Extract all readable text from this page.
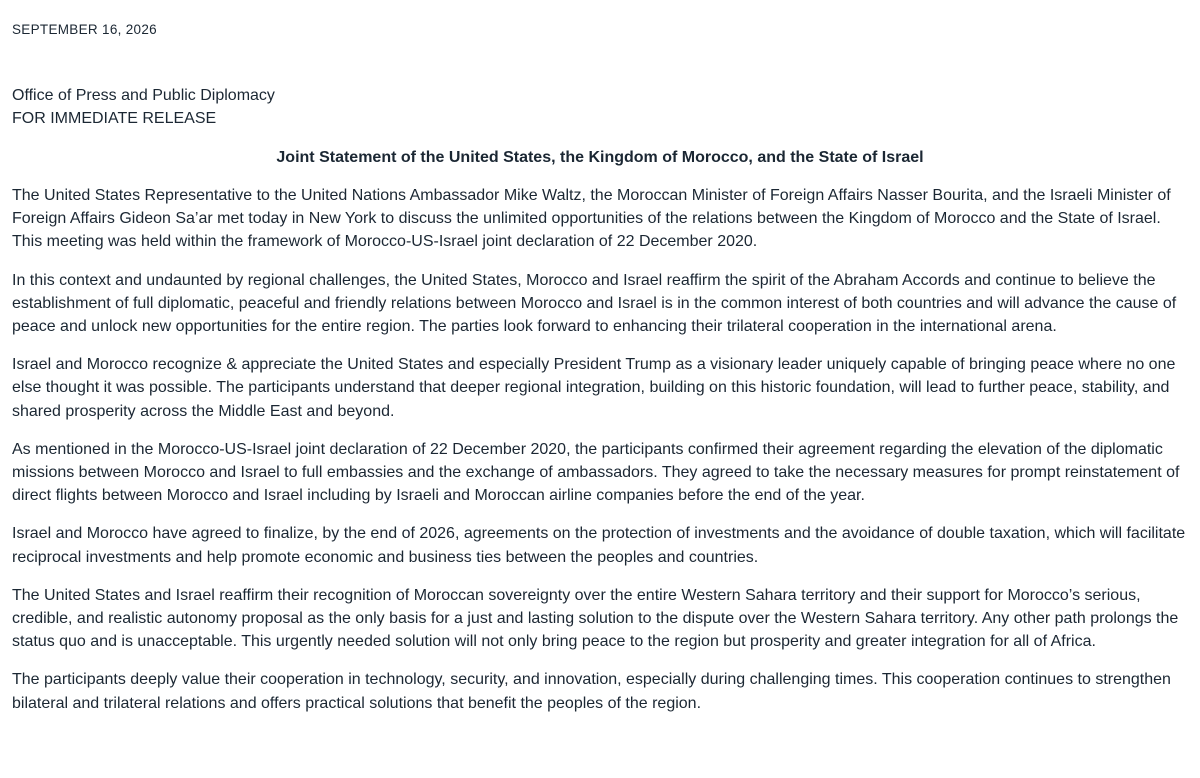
SEPTEMBER 16, 2026
Office of Press and Public Diplomacy
FOR IMMEDIATE RELEASE
Joint Statement of the United States, the Kingdom of Morocco, and the State of Israel

The United States Representative to the United Nations Ambassador Mike Waltz, the Moroccan Minister of Foreign Affairs Nasser Bourita, and the Israeli Minister of Foreign Affairs Gideon Sa’ar met today in New York to discuss the unlimited opportunities of the relations between the Kingdom of Morocco and the State of Israel. This meeting was held within the framework of Morocco-US-Israel joint declaration of 22 December 2020.

In this context and undaunted by regional challenges, the United States, Morocco and Israel reaffirm the spirit of the Abraham Accords and continue to believe the establishment of full diplomatic, peaceful and friendly relations between Morocco and Israel is in the common interest of both countries and will advance the cause of peace and unlock new opportunities for the entire region. The parties look forward to enhancing their trilateral cooperation in the international arena.

Israel and Morocco recognize & appreciate the United States and especially President Trump as a visionary leader uniquely capable of bringing peace where no one else thought it was possible. The participants understand that deeper regional integration, building on this historic foundation, will lead to further peace, stability, and shared prosperity across the Middle East and beyond.

As mentioned in the Morocco-US-Israel joint declaration of 22 December 2020, the participants confirmed their agreement regarding the elevation of the diplomatic missions between Morocco and Israel to full embassies and the exchange of ambassadors. They agreed to take the necessary measures for prompt reinstatement of direct flights between Morocco and Israel including by Israeli and Moroccan airline companies before the end of the year.

Israel and Morocco have agreed to finalize, by the end of 2026, agreements on the protection of investments and the avoidance of double taxation, which will facilitate reciprocal investments and help promote economic and business ties between the peoples and countries.

The United States and Israel reaffirm their recognition of Moroccan sovereignty over the entire Western Sahara territory and their support for Morocco’s serious, credible, and realistic autonomy proposal as the only basis for a just and lasting solution to the dispute over the Western Sahara territory. Any other path prolongs the status quo and is unacceptable. This urgently needed solution will not only bring peace to the region but prosperity and greater integration for all of Africa.

The participants deeply value their cooperation in technology, security, and innovation, especially during challenging times. This cooperation continues to strengthen bilateral and trilateral relations and offers practical solutions that benefit the peoples of the region.
